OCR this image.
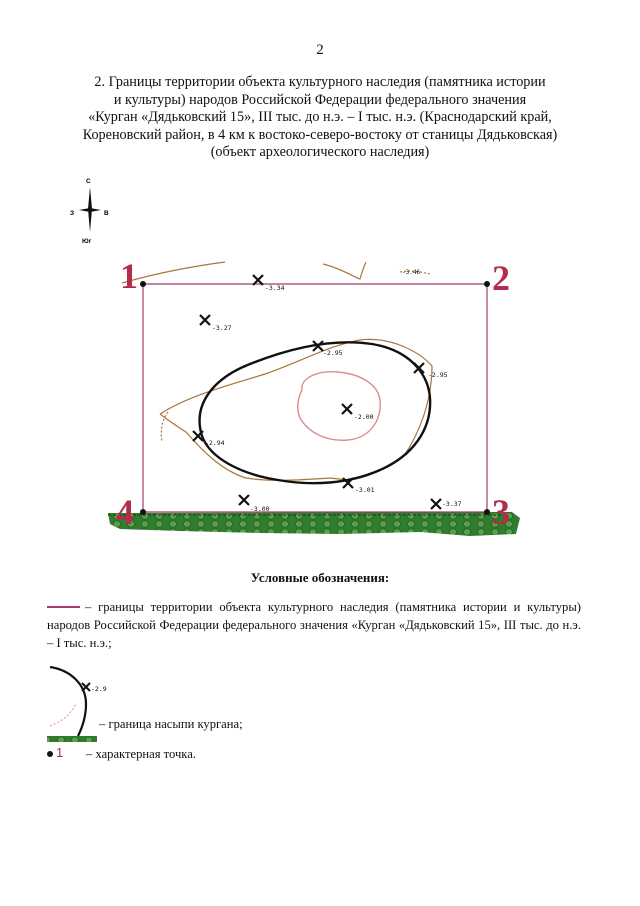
2
2. Границы территории объекта культурного наследия (памятника истории
и культуры) народов Российской Федерации федерального значения
«Курган «Дядьковский 15», III тыс. до н.э. – I тыс. н.э. (Краснодарский край,
Кореновский район, в 4 км к востоко-северо-востоку от станицы Дядьковская)
(объект археологического наследия)
С
З	В
Юг
1	2
3
4
-3.34
-3.27
-2.95
-2.95
-2.94
-2.00
-3.01
-3.00
-3.37
-3.46
-2.9
Условные обозначения:
– границы территории объекта культурного наследия (памятника истории и культуры) народов Российской Федерации федерального значения «Курган «Дядьковский 15», III тыс. до н.э. – I тыс. н.э.;
– граница насыпи кургана;
1 – характерная точка.
